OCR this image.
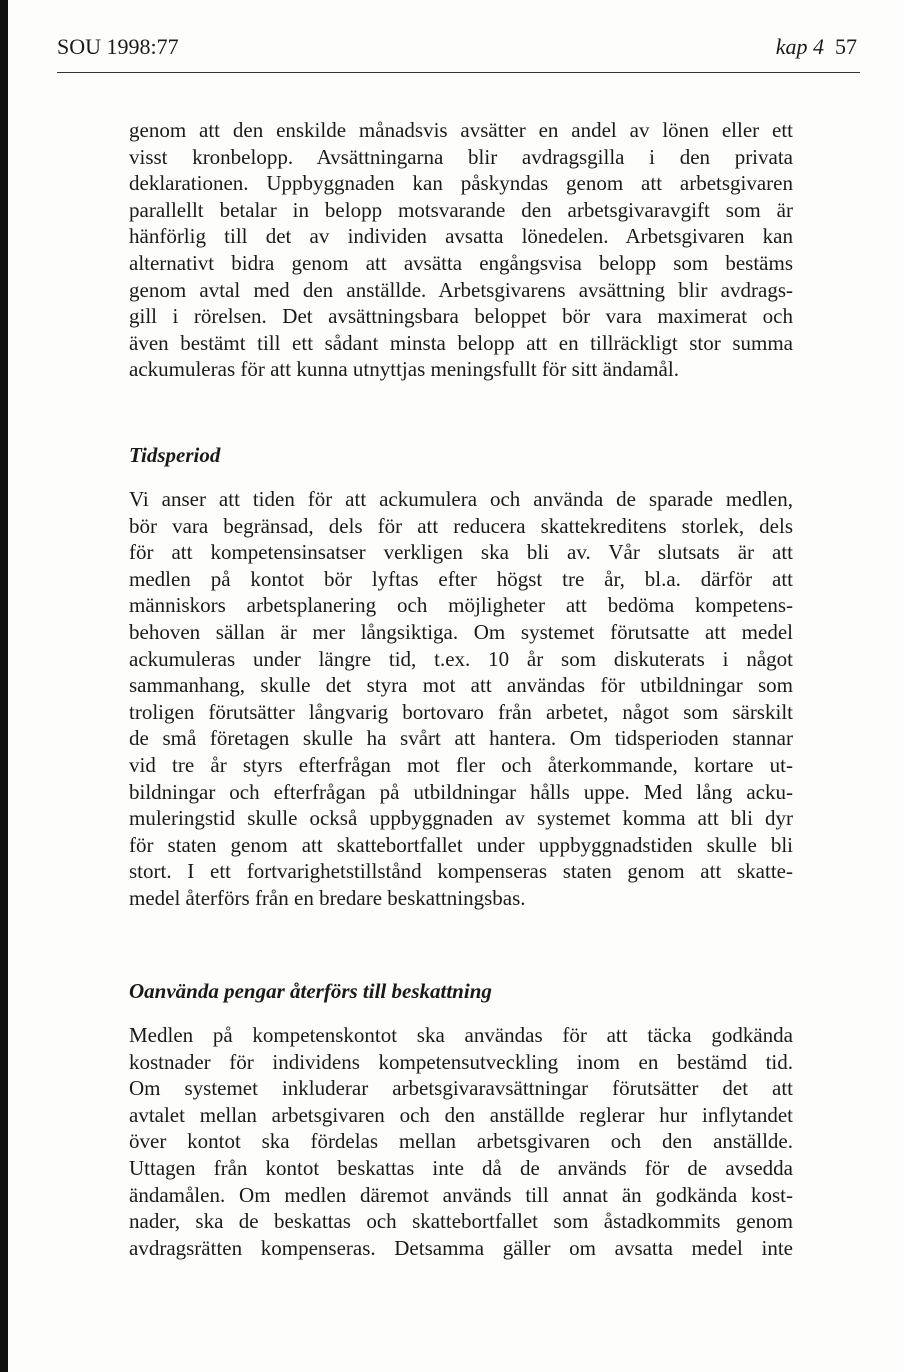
SOU 1998:77	kap 4 57
genom att den enskilde månadsvis avsätter en andel av lönen eller ett
visst kronbelopp. Avsättningarna blir avdragsgilla i den privata
deklarationen. Uppbyggnaden kan påskyndas genom att arbetsgivaren
parallellt betalar in belopp motsvarande den arbetsgivaravgift som är
hänförlig till det av individen avsatta lönedelen. Arbetsgivaren kan
alternativt bidra genom att avsätta engångsvisa belopp som bestäms
genom avtal med den anställde. Arbetsgivarens avsättning blir avdrags-
gill i rörelsen. Det avsättningsbara beloppet bör vara maximerat och
även bestämt till ett sådant minsta belopp att en tillräckligt stor summa
ackumuleras för att kunna utnyttjas meningsfullt för sitt ändamål.
Tidsperiod
Vi anser att tiden för att ackumulera och använda de sparade medlen,
bör vara begränsad, dels för att reducera skattekreditens storlek, dels
för att kompetensinsatser verkligen ska bli av. Vår slutsats är att
medlen på kontot bör lyftas efter högst tre år, bl.a. därför att
människors arbetsplanering och möjligheter att bedöma kompetens-
behoven sällan är mer långsiktiga. Om systemet förutsatte att medel
ackumuleras under längre tid, t.ex. 10 år som diskuterats i något
sammanhang, skulle det styra mot att användas för utbildningar som
troligen förutsätter långvarig bortovaro från arbetet, något som särskilt
de små företagen skulle ha svårt att hantera. Om tidsperioden stannar
vid tre år styrs efterfrågan mot fler och återkommande, kortare ut-
bildningar och efterfrågan på utbildningar hålls uppe. Med lång acku-
muleringstid skulle också uppbyggnaden av systemet komma att bli dyr
för staten genom att skattebortfallet under uppbyggnadstiden skulle bli
stort. I ett fortvarighetstillstånd kompenseras staten genom att skatte-
medel återförs från en bredare beskattningsbas.
Oanvända pengar återförs till beskattning
Medlen på kompetenskontot ska användas för att täcka godkända
kostnader för individens kompetensutveckling inom en bestämd tid.
Om systemet inkluderar arbetsgivaravsättningar förutsätter det att
avtalet mellan arbetsgivaren och den anställde reglerar hur inflytandet
över kontot ska fördelas mellan arbetsgivaren och den anställde.
Uttagen från kontot beskattas inte då de används för de avsedda
ändamålen. Om medlen däremot används till annat än godkända kost-
nader, ska de beskattas och skattebortfallet som åstadkommits genom
avdragsrätten kompenseras. Detsamma gäller om avsatta medel inte
